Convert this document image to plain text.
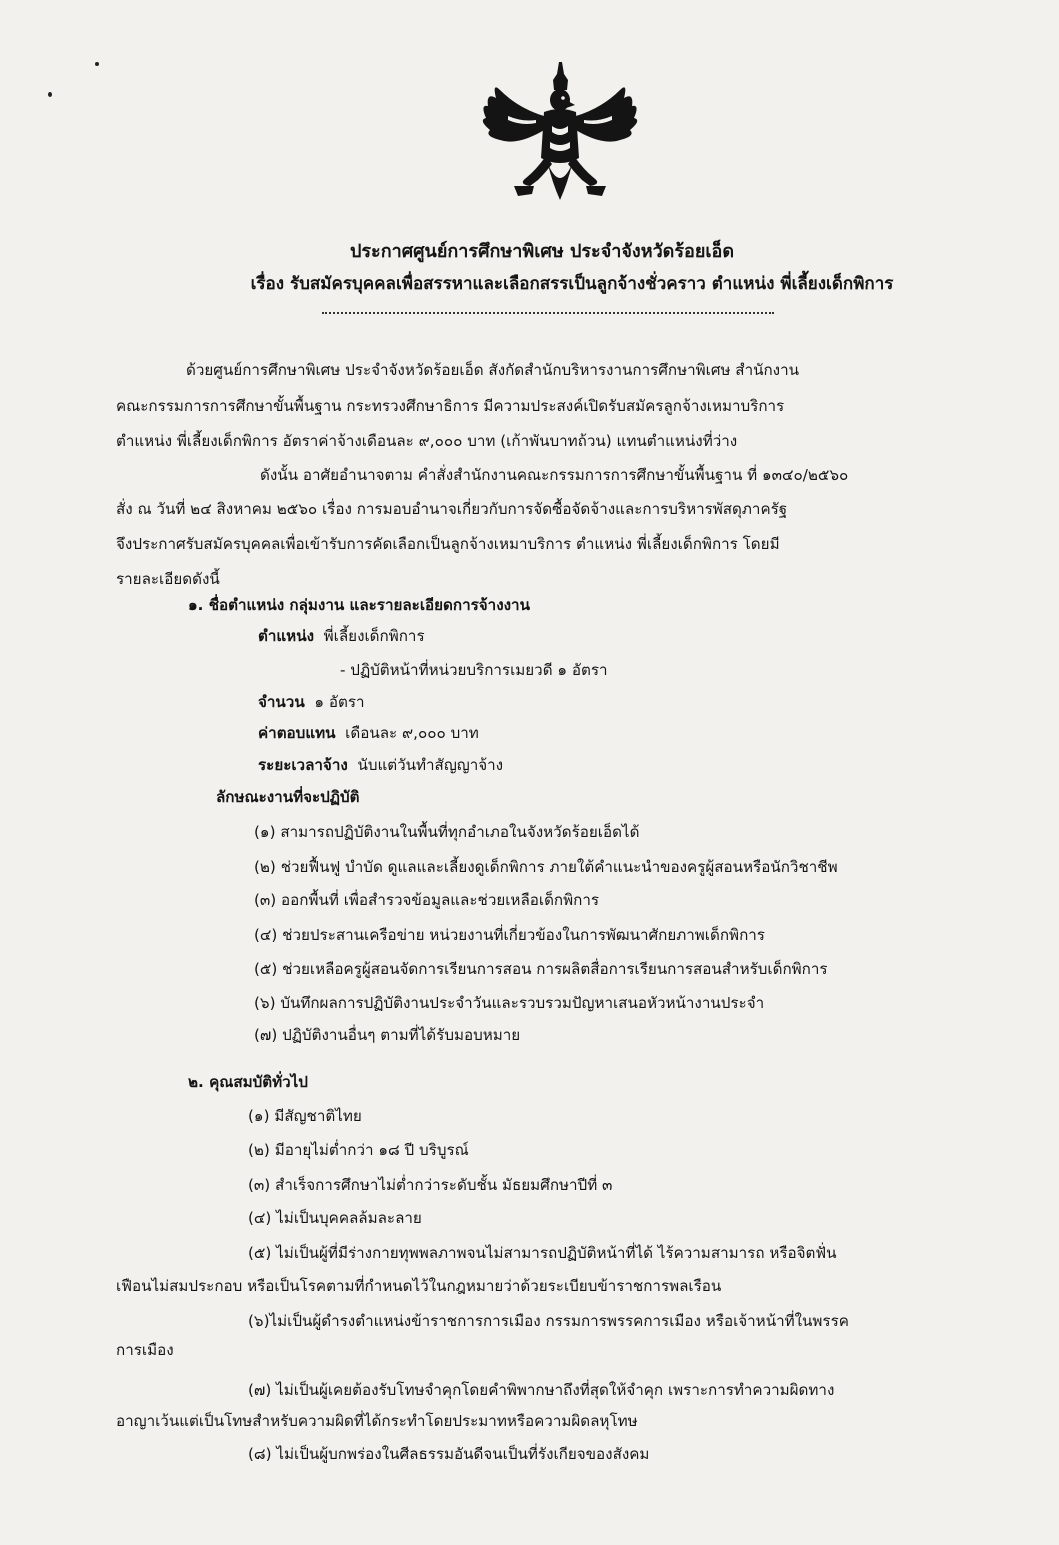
ประกาศศูนย์การศึกษาพิเศษ ประจำจังหวัดร้อยเอ็ด
เรื่อง รับสมัครบุคคลเพื่อสรรหาและเลือกสรรเป็นลูกจ้างชั่วคราว ตำแหน่ง พี่เลี้ยงเด็กพิการ
ด้วยศูนย์การศึกษาพิเศษ ประจำจังหวัดร้อยเอ็ด สังกัดสำนักบริหารงานการศึกษาพิเศษ สำนักงาน
คณะกรรมการการศึกษาขั้นพื้นฐาน กระทรวงศึกษาธิการ มีความประสงค์เปิดรับสมัครลูกจ้างเหมาบริการ
ตำแหน่ง พี่เลี้ยงเด็กพิการ อัตราค่าจ้างเดือนละ ๙,๐๐๐ บาท (เก้าพันบาทถ้วน) แทนตำแหน่งที่ว่าง
ดังนั้น อาศัยอำนาจตาม คำสั่งสำนักงานคณะกรรมการการศึกษาขั้นพื้นฐาน ที่ ๑๓๔๐/๒๕๖๐
สั่ง ณ วันที่ ๒๔ สิงหาคม ๒๕๖๐ เรื่อง การมอบอำนาจเกี่ยวกับการจัดซื้อจัดจ้างและการบริหารพัสดุภาครัฐ
จึงประกาศรับสมัครบุคคลเพื่อเข้ารับการคัดเลือกเป็นลูกจ้างเหมาบริการ ตำแหน่ง พี่เลี้ยงเด็กพิการ โดยมี
รายละเอียดดังนี้
๑. ชื่อตำแหน่ง กลุ่มงาน และรายละเอียดการจ้างงาน
ตำแหน่ง พี่เลี้ยงเด็กพิการ
- ปฏิบัติหน้าที่หน่วยบริการเมยวดี ๑ อัตรา
จำนวน ๑ อัตรา
ค่าตอบแทน เดือนละ ๙,๐๐๐ บาท
ระยะเวลาจ้าง นับแต่วันทำสัญญาจ้าง
ลักษณะงานที่จะปฏิบัติ
(๑) สามารถปฏิบัติงานในพื้นที่ทุกอำเภอในจังหวัดร้อยเอ็ดได้
(๒) ช่วยฟื้นฟู บำบัด ดูแลและเลี้ยงดูเด็กพิการ ภายใต้คำแนะนำของครูผู้สอนหรือนักวิชาชีพ
(๓) ออกพื้นที่ เพื่อสำรวจข้อมูลและช่วยเหลือเด็กพิการ
(๔) ช่วยประสานเครือข่าย หน่วยงานที่เกี่ยวข้องในการพัฒนาศักยภาพเด็กพิการ
(๕) ช่วยเหลือครูผู้สอนจัดการเรียนการสอน การผลิตสื่อการเรียนการสอนสำหรับเด็กพิการ
(๖) บันทึกผลการปฏิบัติงานประจำวันและรวบรวมปัญหาเสนอหัวหน้างานประจำ
(๗) ปฏิบัติงานอื่นๆ ตามที่ได้รับมอบหมาย
๒. คุณสมบัติทั่วไป
(๑) มีสัญชาติไทย
(๒) มีอายุไม่ต่ำกว่า ๑๘ ปี บริบูรณ์
(๓) สำเร็จการศึกษาไม่ต่ำกว่าระดับชั้น มัธยมศึกษาปีที่ ๓
(๔) ไม่เป็นบุคคลล้มละลาย
(๕) ไม่เป็นผู้ที่มีร่างกายทุพพลภาพจนไม่สามารถปฏิบัติหน้าที่ได้ ไร้ความสามารถ หรือจิตฟั่น
เฟือนไม่สมประกอบ หรือเป็นโรคตามที่กำหนดไว้ในกฎหมายว่าด้วยระเบียบข้าราชการพลเรือน
(๖)ไม่เป็นผู้ดำรงตำแหน่งข้าราชการการเมือง กรรมการพรรคการเมือง หรือเจ้าหน้าที่ในพรรค
การเมือง
(๗) ไม่เป็นผู้เคยต้องรับโทษจำคุกโดยคำพิพากษาถึงที่สุดให้จำคุก เพราะการทำความผิดทาง
อาญาเว้นแต่เป็นโทษสำหรับความผิดที่ได้กระทำโดยประมาทหรือความผิดลหุโทษ
(๘) ไม่เป็นผู้บกพร่องในศีลธรรมอันดีจนเป็นที่รังเกียจของสังคม
